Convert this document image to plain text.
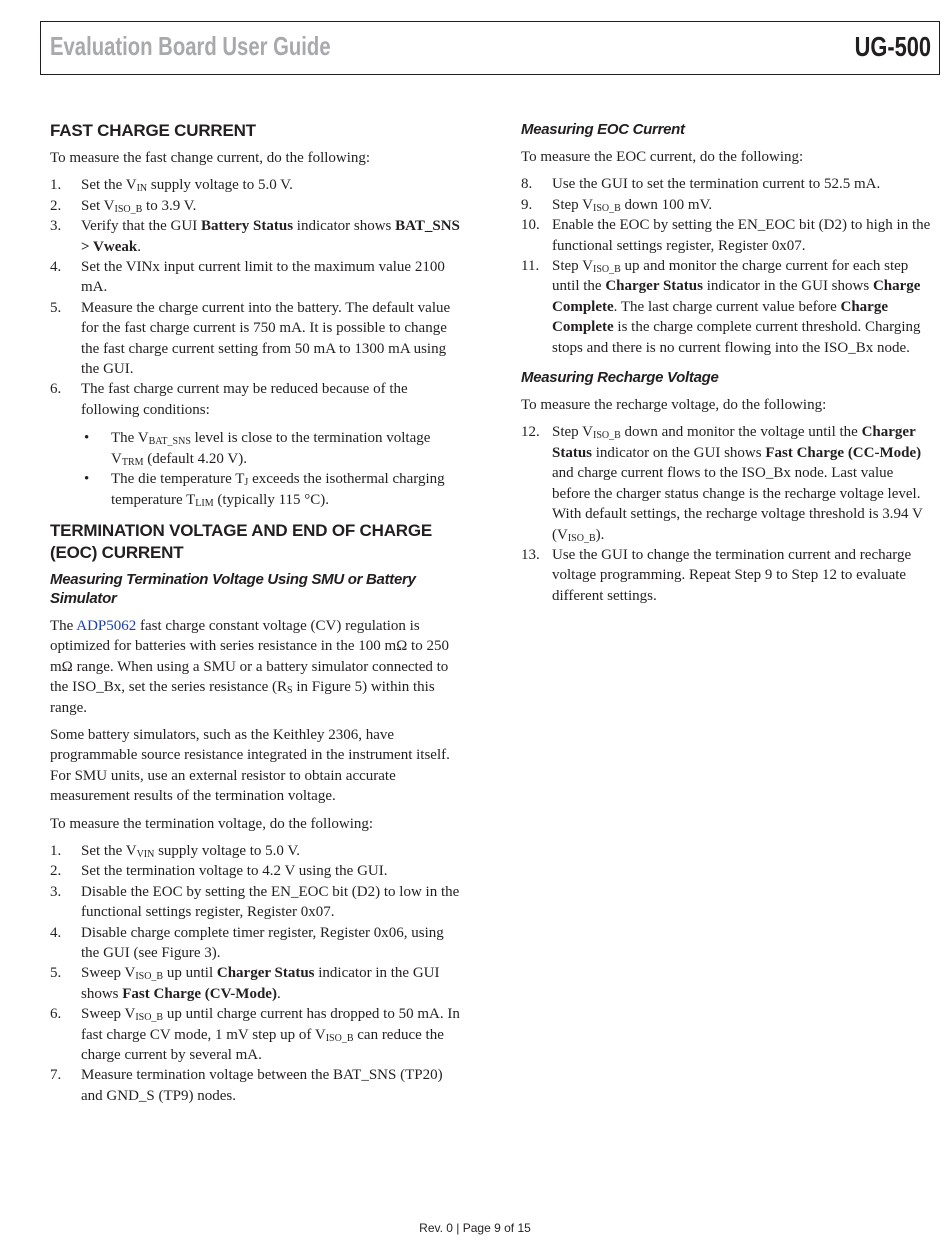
Evaluation Board User Guide	UG-500
FAST CHARGE CURRENT

To measure the fast change current, do the following:

1. Set the $V_{IN}$ supply voltage to 5.0 V.
2. Set $V_{ISO\_B}$ to 3.9 V.
3. Verify that the GUI Battery Status indicator shows BAT_SNS > Vweak.
4. Set the VINx input current limit to the maximum value 2100 mA.
5. Measure the charge current into the battery. The default value for the fast charge current is 750 mA. It is possible to change the fast charge current setting from 50 mA to 1300 mA using the GUI.
6. The fast charge current may be reduced because of the following conditions:
• The $V_{BAT\_SNS}$ level is close to the termination voltage $V_{TRM}$ (default 4.20 V).
• The die temperature $T_J$ exceeds the isothermal charging temperature $T_{LIM}$ (typically 115 °C).
TERMINATION VOLTAGE AND END OF CHARGE (EOC) CURRENT
Measuring Termination Voltage Using SMU or Battery Simulator

The ADP5062 fast charge constant voltage (CV) regulation is optimized for batteries with series resistance in the 100 mΩ to 250 mΩ range. When using a SMU or a battery simulator connected to the ISO_Bx, set the series resistance ($R_S$ in Figure 5) within this range.

Some battery simulators, such as the Keithley 2306, have programmable source resistance integrated in the instrument itself. For SMU units, use an external resistor to obtain accurate measurement results of the termination voltage.

To measure the termination voltage, do the following:

1. Set the $V_{VIN}$ supply voltage to 5.0 V.
2. Set the termination voltage to 4.2 V using the GUI.
3. Disable the EOC by setting the EN_EOC bit (D2) to low in the functional settings register, Register 0x07.
4. Disable charge complete timer register, Register 0x06, using the GUI (see Figure 3).
5. Sweep $V_{ISO\_B}$ up until Charger Status indicator in the GUI shows Fast Charge (CV-Mode).
6. Sweep $V_{ISO\_B}$ up until charge current has dropped to 50 mA. In fast charge CV mode, 1 mV step up of $V_{ISO\_B}$ can reduce the charge current by several mA.
7. Measure termination voltage between the BAT_SNS (TP20) and GND_S (TP9) nodes.
Measuring EOC Current

To measure the EOC current, do the following:

8. Use the GUI to set the termination current to 52.5 mA.
9. Step $V_{ISO\_B}$ down 100 mV.
10. Enable the EOC by setting the EN_EOC bit (D2) to high in the functional settings register, Register 0x07.
11. Step $V_{ISO\_B}$ up and monitor the charge current for each step until the Charger Status indicator in the GUI shows Charge Complete. The last charge current value before Charge Complete is the charge complete current threshold. Charging stops and there is no current flowing into the ISO_Bx node.
Measuring Recharge Voltage

To measure the recharge voltage, do the following:

12. Step $V_{ISO\_B}$ down and monitor the voltage until the Charger Status indicator on the GUI shows Fast Charge (CC-Mode) and charge current flows to the ISO_Bx node. Last value before the charger status change is the recharge voltage level. With default settings, the recharge voltage threshold is 3.94 V $(V_{ISO\_B})$.
13. Use the GUI to change the termination current and recharge voltage programming. Repeat Step 9 to Step 12 to evaluate different settings.
Rev. 0 | Page 9 of 15
